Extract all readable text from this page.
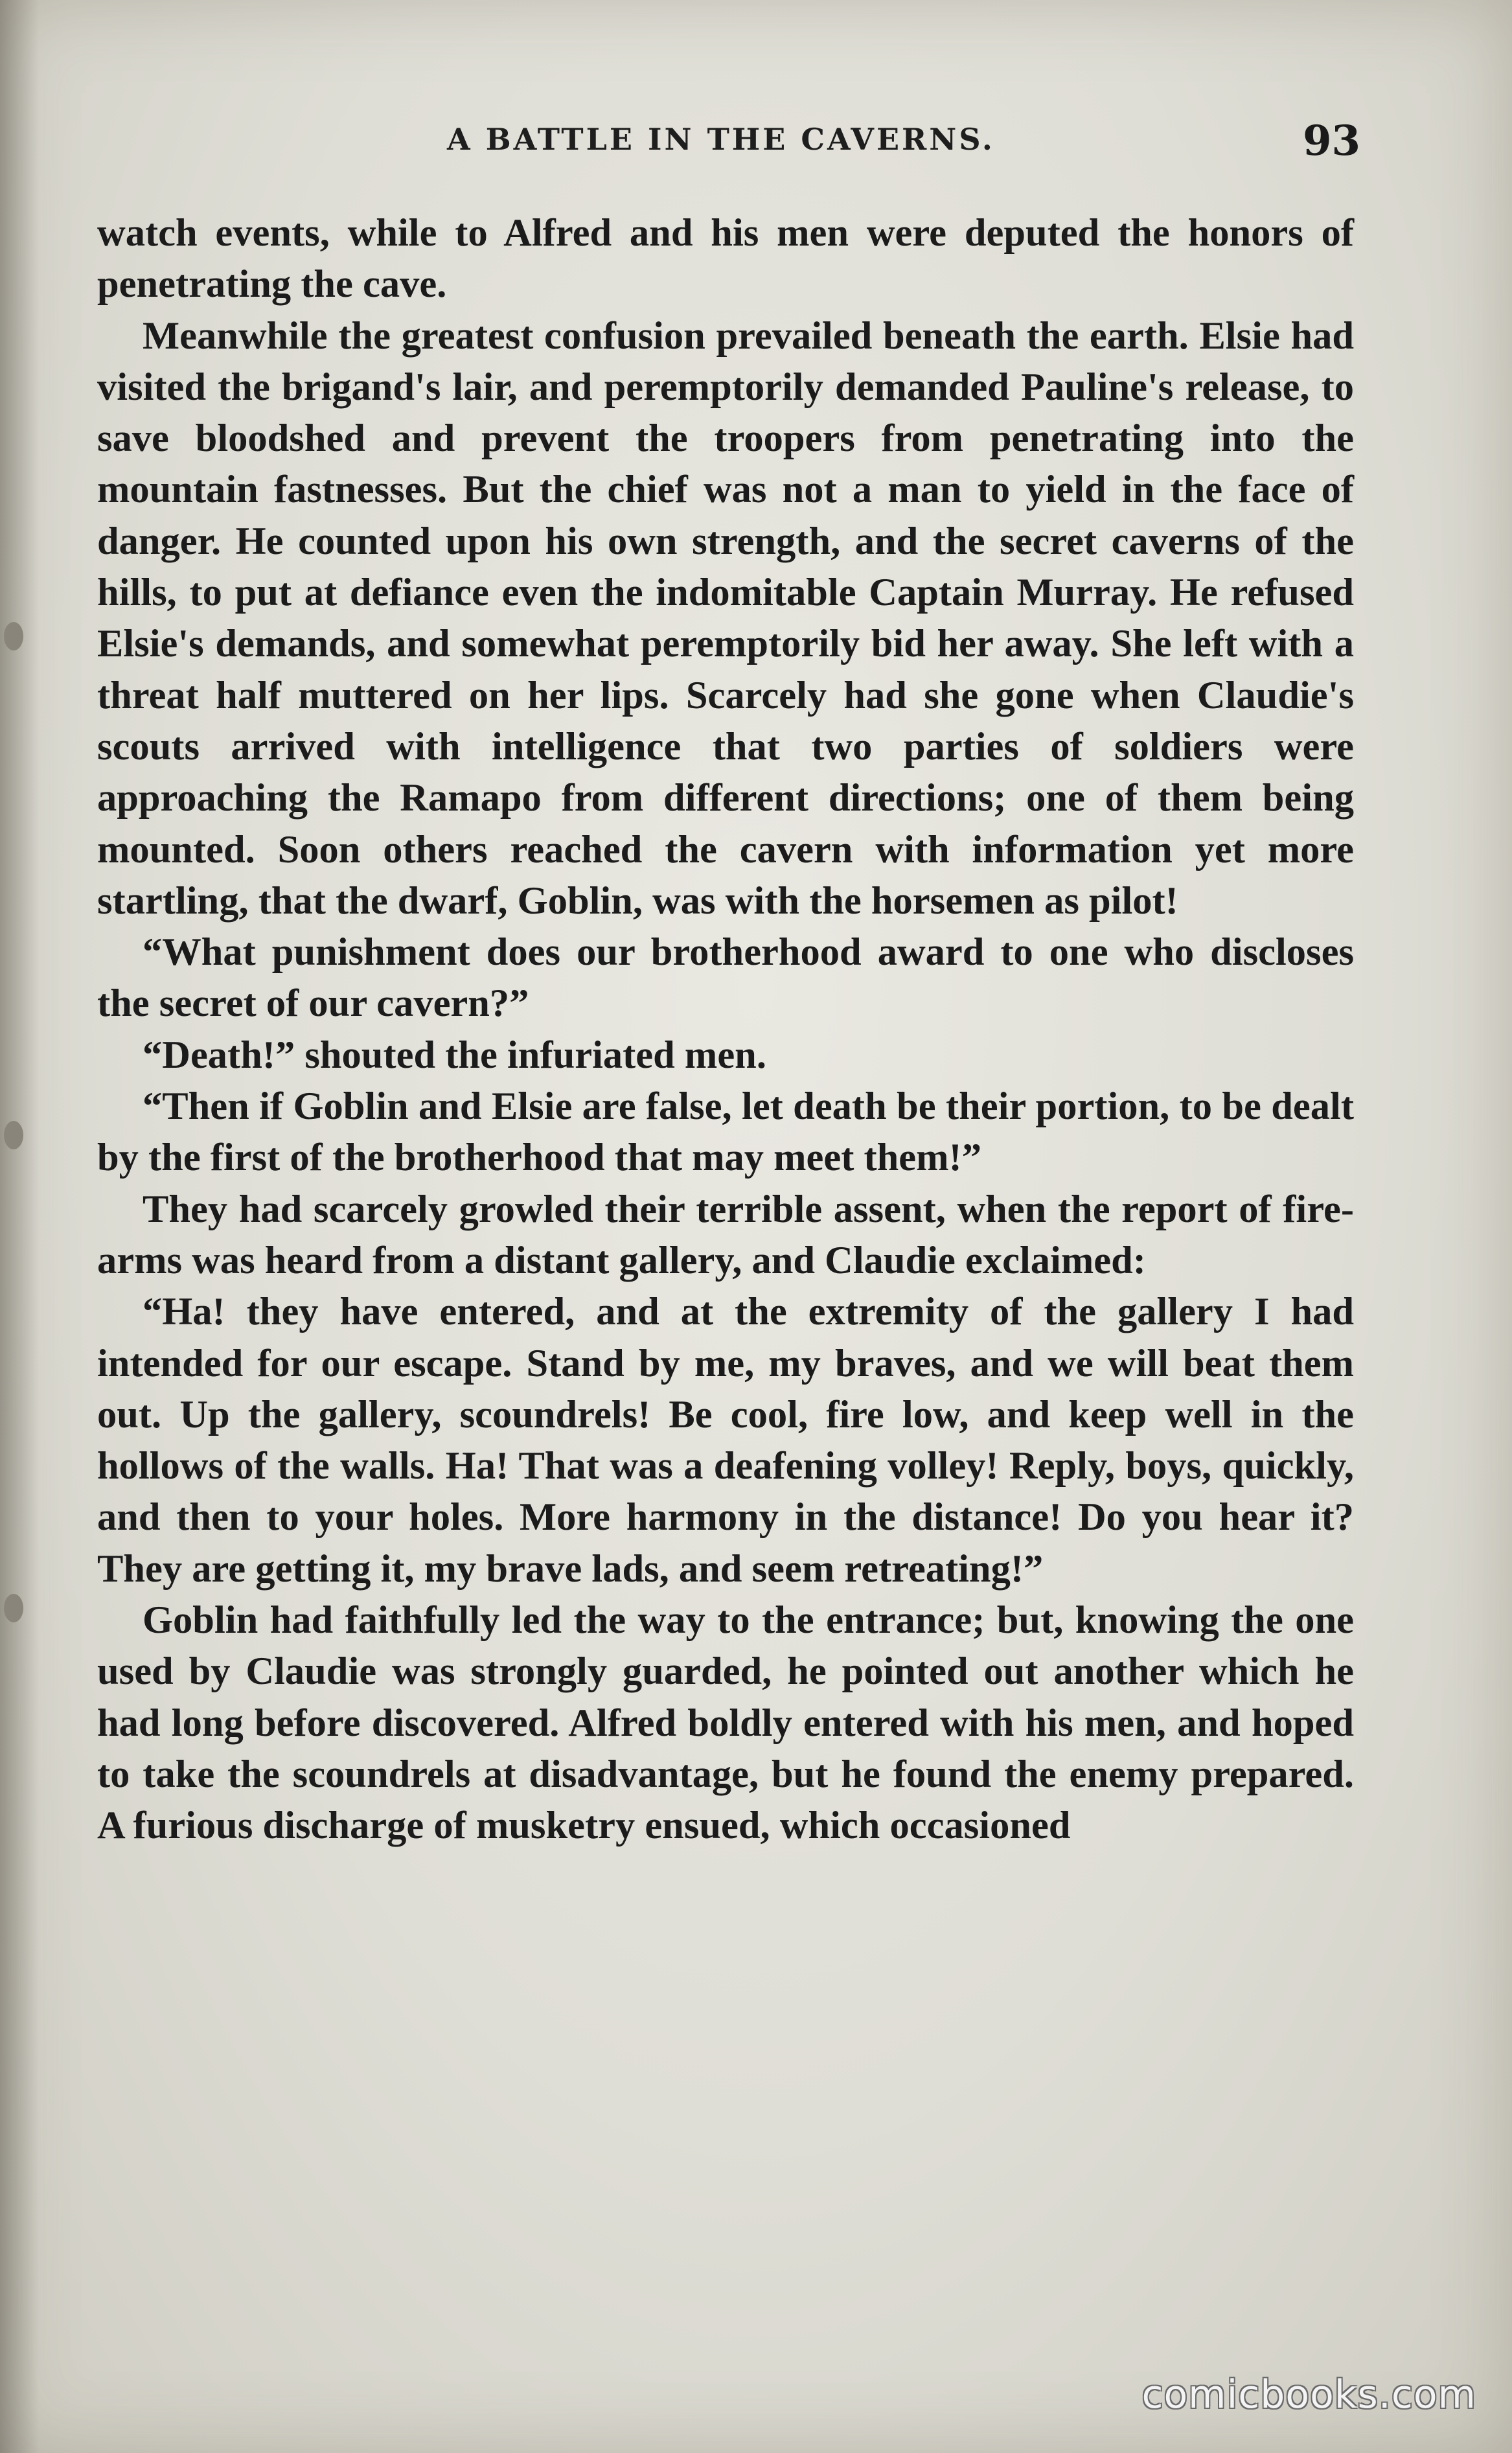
A BATTLE IN THE CAVERNS.	93

watch events, while to Alfred and his men were deputed the honors of penetrating the cave.

Meanwhile the greatest confusion prevailed beneath the earth. Elsie had visited the brigand's lair, and peremptorily demanded Pauline's release, to save bloodshed and prevent the troopers from penetrating into the mountain fastnesses. But the chief was not a man to yield in the face of danger. He counted upon his own strength, and the secret caverns of the hills, to put at defiance even the indomitable Captain Murray. He refused Elsie's demands, and somewhat peremptorily bid her away. She left with a threat half muttered on her lips. Scarcely had she gone when Claudie's scouts arrived with intelligence that two parties of soldiers were approaching the Ramapo from different directions; one of them being mounted. Soon others reached the cavern with information yet more startling, that the dwarf, Goblin, was with the horsemen as pilot!

“What punishment does our brotherhood award to one who discloses the secret of our cavern?”

“Death!” shouted the infuriated men.

“Then if Goblin and Elsie are false, let death be their portion, to be dealt by the first of the brotherhood that may meet them!”

They had scarcely growled their terrible assent, when the report of fire-arms was heard from a distant gallery, and Claudie exclaimed:

“Ha! they have entered, and at the extremity of the gallery I had intended for our escape. Stand by me, my braves, and we will beat them out. Up the gallery, scoundrels! Be cool, fire low, and keep well in the hollows of the walls. Ha! That was a deafening volley! Reply, boys, quickly, and then to your holes. More harmony in the distance! Do you hear it? They are getting it, my brave lads, and seem retreating!”

Goblin had faithfully led the way to the entrance; but, knowing the one used by Claudie was strongly guarded, he pointed out another which he had long before discovered. Alfred boldly entered with his men, and hoped to take the scoundrels at disadvantage, but he found the enemy prepared. A furious discharge of musketry ensued, which occasioned

comicbooks.com
